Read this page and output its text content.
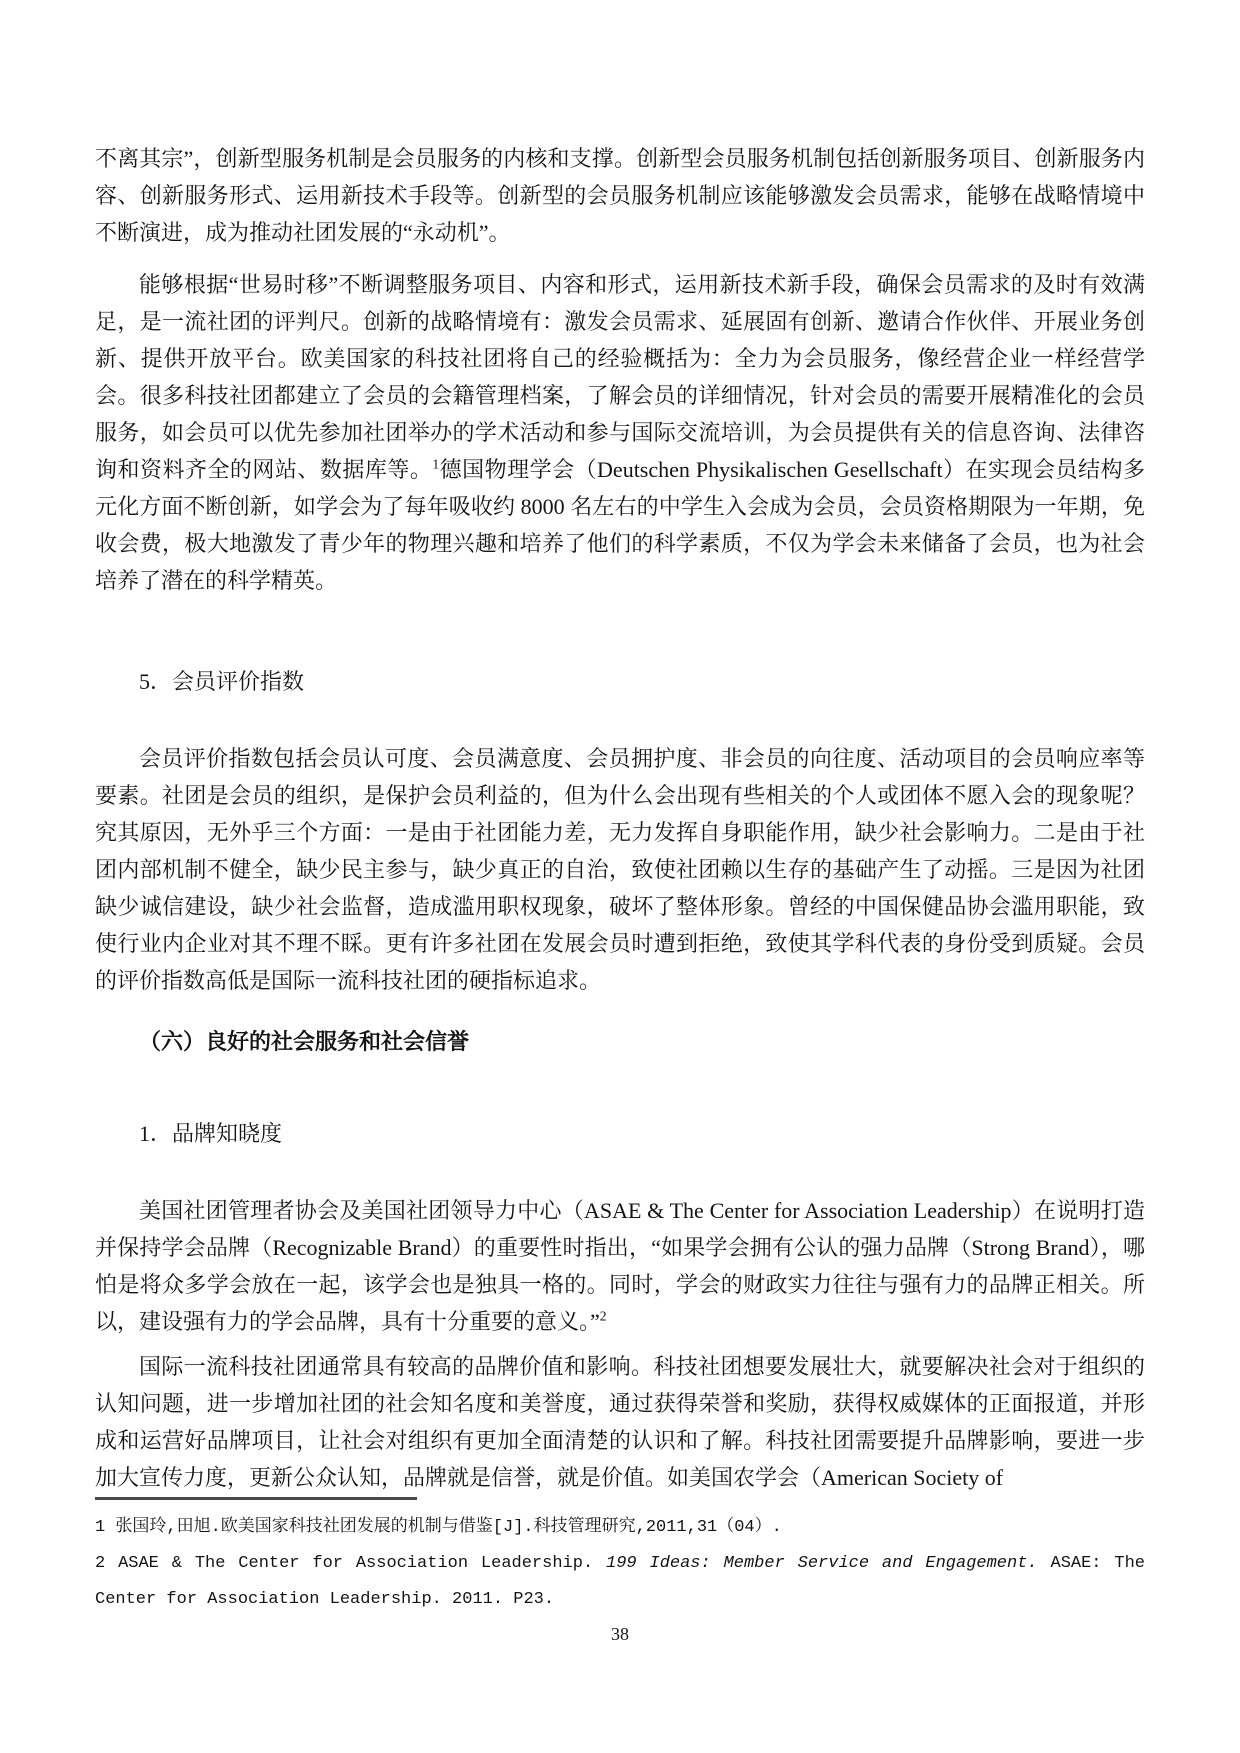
不离其宗”，创新型服务机制是会员服务的内核和支撑。创新型会员服务机制包括创新服务项目、创新服务内容、创新服务形式、运用新技术手段等。创新型的会员服务机制应该能够激发会员需求，能够在战略情境中不断演进，成为推动社团发展的“永动机”。

能够根据“世易时移”不断调整服务项目、内容和形式，运用新技术新手段，确保会员需求的及时有效满足，是一流社团的评判尺。创新的战略情境有：激发会员需求、延展固有创新、邀请合作伙伴、开展业务创新、提供开放平台。欧美国家的科技社团将自己的经验概括为：全力为会员服务，像经营企业一样经营学会。很多科技社团都建立了会员的会籍管理档案，了解会员的详细情况，针对会员的需要开展精准化的会员服务，如会员可以优先参加社团举办的学术活动和参与国际交流培训，为会员提供有关的信息咨询、法律咨询和资料齐全的网站、数据库等。$^1$德国物理学会（Deutschen Physikalischen Gesellschaft）在实现会员结构多元化方面不断创新，如学会为了每年吸收约 8000 名左右的中学生入会成为会员，会员资格期限为一年期，免收会费，极大地激发了青少年的物理兴趣和培养了他们的科学素质，不仅为学会未来储备了会员，也为社会培养了潜在的科学精英。

5．会员评价指数

会员评价指数包括会员认可度、会员满意度、会员拥护度、非会员的向往度、活动项目的会员响应率等要素。社团是会员的组织，是保护会员利益的，但为什么会出现有些相关的个人或团体不愿入会的现象呢？究其原因，无外乎三个方面：一是由于社团能力差，无力发挥自身职能作用，缺少社会影响力。二是由于社团内部机制不健全，缺少民主参与，缺少真正的自治，致使社团赖以生存的基础产生了动摇。三是因为社团缺少诚信建设，缺少社会监督，造成滥用职权现象，破坏了整体形象。曾经的中国保健品协会滥用职能，致使行业内企业对其不理不睬。更有许多社团在发展会员时遭到拒绝，致使其学科代表的身份受到质疑。会员的评价指数高低是国际一流科技社团的硬指标追求。

（六）良好的社会服务和社会信誉
1．品牌知晓度

美国社团管理者协会及美国社团领导力中心（ASAE & The Center for Association Leadership）在说明打造并保持学会品牌（Recognizable Brand）的重要性时指出，“如果学会拥有公认的强力品牌（Strong Brand），哪怕是将众多学会放在一起，该学会也是独具一格的。同时，学会的财政实力往往与强有力的品牌正相关。所以，建设强有力的学会品牌，具有十分重要的意义。”$^2$

国际一流科技社团通常具有较高的品牌价值和影响。科技社团想要发展壮大，就要解决社会对于组织的认知问题，进一步增加社团的社会知名度和美誉度，通过获得荣誉和奖励，获得权威媒体的正面报道，并形成和运营好品牌项目，让社会对组织有更加全面清楚的认识和了解。科技社团需要提升品牌影响，要进一步加大宣传力度，更新公众认知，品牌就是信誉，就是价值。如美国农学会（American Society of

1 张国玲,田旭.欧美国家科技社团发展的机制与借鉴[J].科技管理研究,2011,31（04）.

2 ASAE & The Center for Association Leadership. 199 Ideas: Member Service and Engagement. ASAE: The Center for Association Leadership. 2011. P23.

38
